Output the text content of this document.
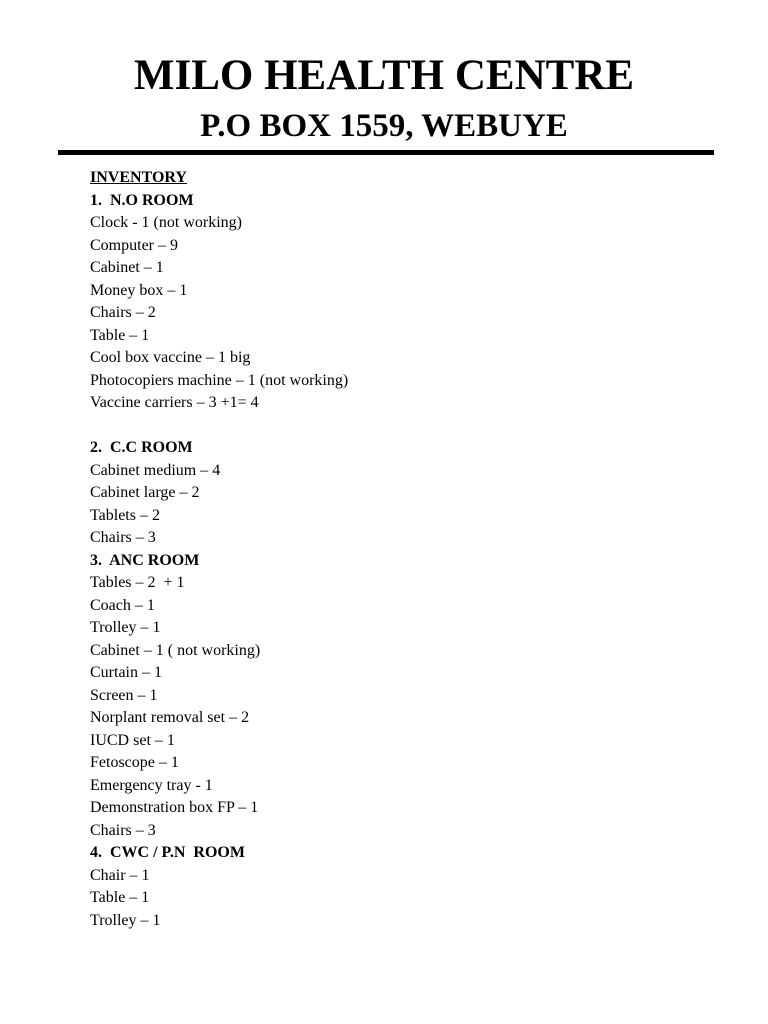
MILO HEALTH CENTRE
P.O BOX 1559, WEBUYE
INVENTORY
1.  N.O ROOM
Clock - 1 (not working)
Computer – 9
Cabinet – 1
Money box – 1
Chairs – 2
Table – 1
Cool box vaccine – 1 big
Photocopiers machine – 1 (not working)
Vaccine carriers – 3 +1= 4
2.  C.C ROOM
Cabinet medium – 4
Cabinet large – 2
Tablets – 2
Chairs – 3
3.  ANC ROOM
Tables – 2  + 1
Coach – 1
Trolley – 1
Cabinet – 1 ( not working)
Curtain – 1
Screen – 1
Norplant removal set – 2
IUCD set – 1
Fetoscope – 1
Emergency tray - 1
Demonstration box FP – 1
Chairs – 3
4.  CWC / P.N  ROOM
Chair – 1
Table – 1
Trolley – 1
